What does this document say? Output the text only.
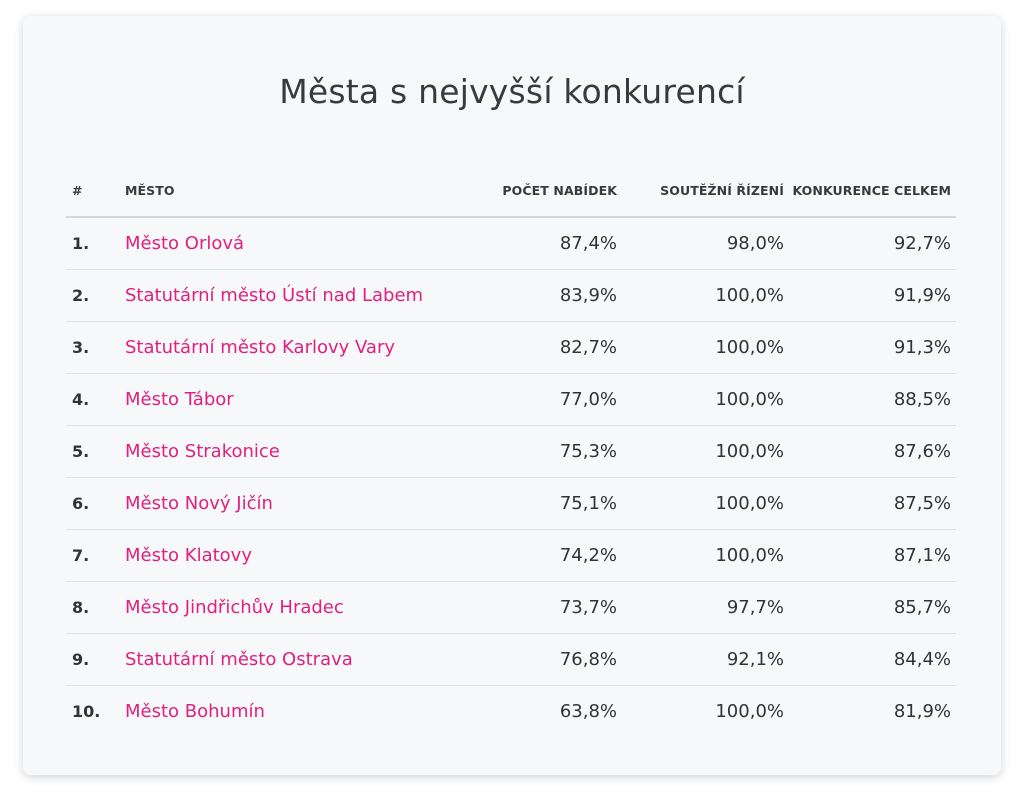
Města s nejvyšší konkurencí
#	MĚSTO	POČET NABÍDEK	SOUTĚŽNÍ ŘÍZENÍ	KONKURENCE CELKEM
1.	Město Orlová	87,4%	98,0%	92,7%
2.	Statutární město Ústí nad Labem	83,9%	100,0%	91,9%
3.	Statutární město Karlovy Vary	82,7%	100,0%	91,3%
4.	Město Tábor	77,0%	100,0%	88,5%
5.	Město Strakonice	75,3%	100,0%	87,6%
6.	Město Nový Jičín	75,1%	100,0%	87,5%
7.	Město Klatovy	74,2%	100,0%	87,1%
8.	Město Jindřichův Hradec	73,7%	97,7%	85,7%
9.	Statutární město Ostrava	76,8%	92,1%	84,4%
10.	Město Bohumín	63,8%	100,0%	81,9%
